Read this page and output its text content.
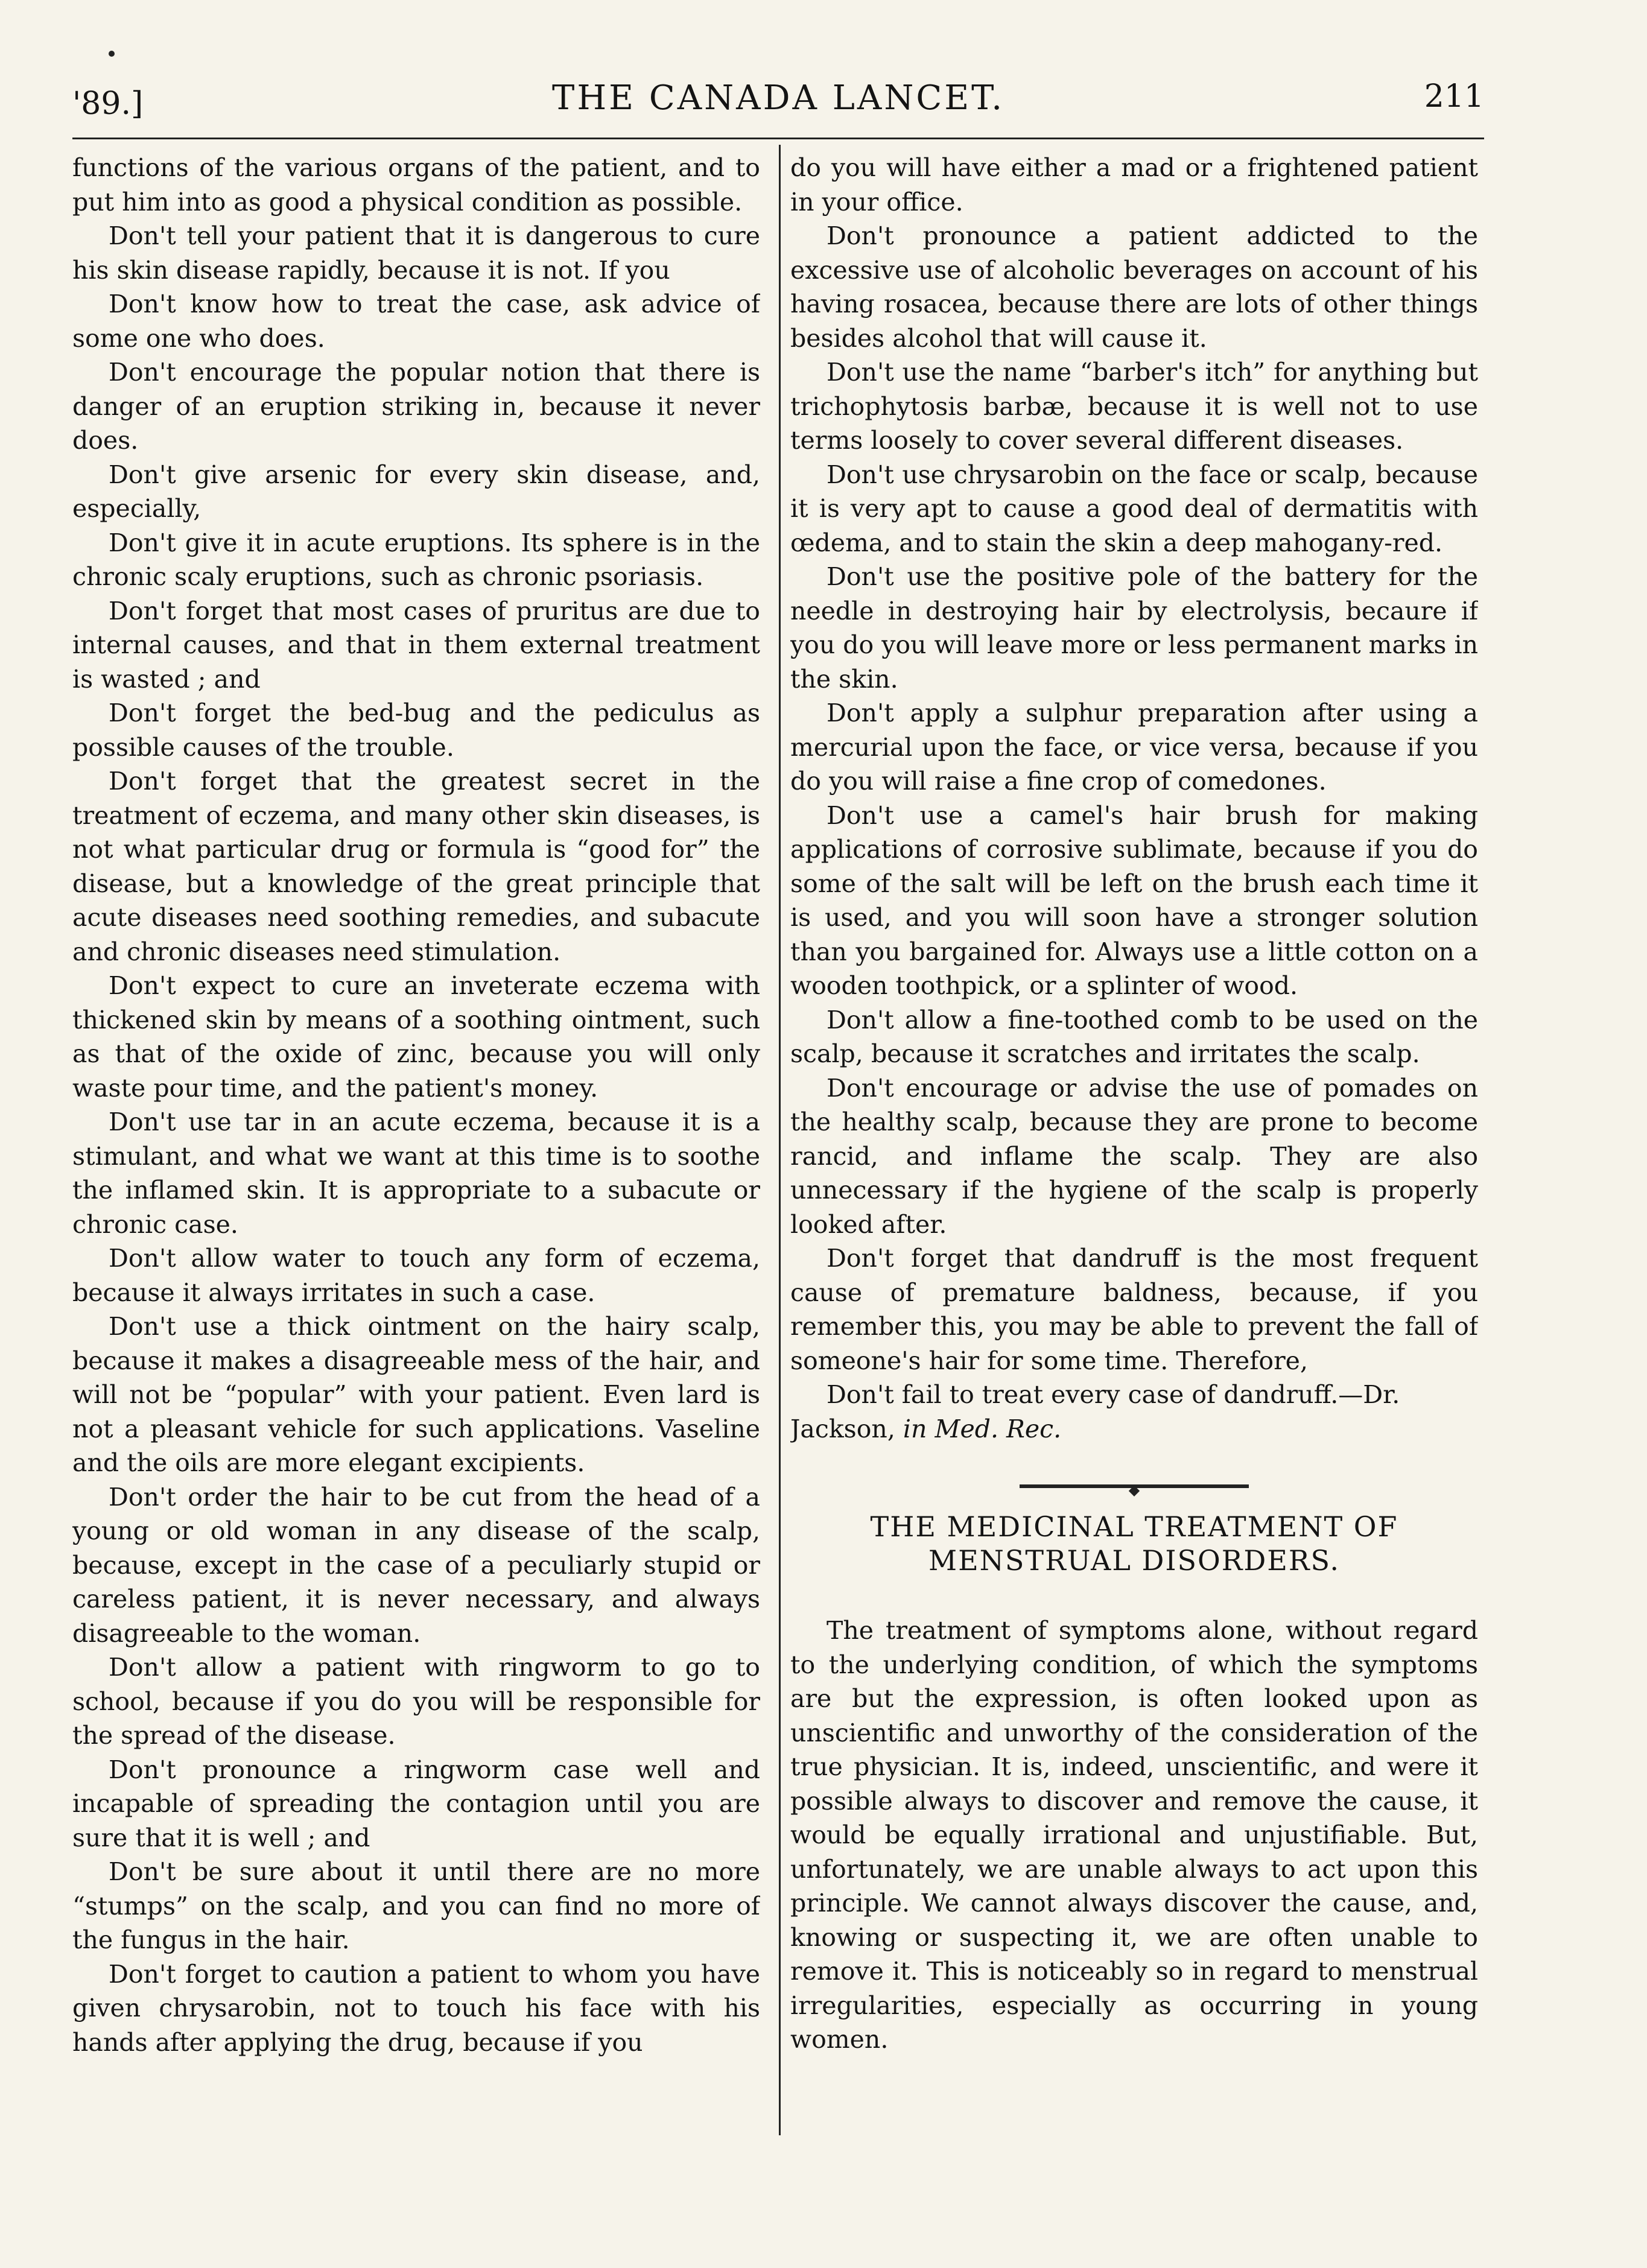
'89.]	THE CANADA LANCET.	211

functions of the various organs of the patient, and to put him into as good a physical condition as possible.

Don't tell your patient that it is dangerous to cure his skin disease rapidly, because it is not. If you

Don't know how to treat the case, ask advice of some one who does.

Don't encourage the popular notion that there is danger of an eruption striking in, because it never does.

Don't give arsenic for every skin disease, and, especially,

Don't give it in acute eruptions. Its sphere is in the chronic scaly eruptions, such as chronic psoriasis.

Don't forget that most cases of pruritus are due to internal causes, and that in them external treatment is wasted ; and

Don't forget the bed-bug and the pediculus as possible causes of the trouble.

Don't forget that the greatest secret in the treatment of eczema, and many other skin diseases, is not what particular drug or formula is “good for” the disease, but a knowledge of the great principle that acute diseases need soothing remedies, and subacute and chronic diseases need stimulation.

Don't expect to cure an inveterate eczema with thickened skin by means of a soothing ointment, such as that of the oxide of zinc, because you will only waste pour time, and the patient's money.

Don't use tar in an acute eczema, because it is a stimulant, and what we want at this time is to soothe the inflamed skin. It is appropriate to a subacute or chronic case.

Don't allow water to touch any form of eczema, because it always irritates in such a case.

Don't use a thick ointment on the hairy scalp, because it makes a disagreeable mess of the hair, and will not be “popular” with your patient. Even lard is not a pleasant vehicle for such applications. Vaseline and the oils are more elegant excipients.

Don't order the hair to be cut from the head of a young or old woman in any disease of the scalp, because, except in the case of a peculiarly stupid or careless patient, it is never necessary, and always disagreeable to the woman.

Don't allow a patient with ringworm to go to school, because if you do you will be responsible for the spread of the disease.

Don't pronounce a ringworm case well and incapable of spreading the contagion until you are sure that it is well ; and

Don't be sure about it until there are no more “stumps” on the scalp, and you can find no more of the fungus in the hair.

Don't forget to caution a patient to whom you have given chrysarobin, not to touch his face with his hands after applying the drug, because if you

do you will have either a mad or a frightened patient in your office.

Don't pronounce a patient addicted to the excessive use of alcoholic beverages on account of his having rosacea, because there are lots of other things besides alcohol that will cause it.

Don't use the name “barber's itch” for anything but trichophytosis barbæ, because it is well not to use terms loosely to cover several different diseases.

Don't use chrysarobin on the face or scalp, because it is very apt to cause a good deal of dermatitis with œdema, and to stain the skin a deep mahogany-red.

Don't use the positive pole of the battery for the needle in destroying hair by electrolysis, becaure if you do you will leave more or less permanent marks in the skin.

Don't apply a sulphur preparation after using a mercurial upon the face, or vice versa, because if you do you will raise a fine crop of comedones.

Don't use a camel's hair brush for making applications of corrosive sublimate, because if you do some of the salt will be left on the brush each time it is used, and you will soon have a stronger solution than you bargained for. Always use a little cotton on a wooden toothpick, or a splinter of wood.

Don't allow a fine-toothed comb to be used on the scalp, because it scratches and irritates the scalp.

Don't encourage or advise the use of pomades on the healthy scalp, because they are prone to become rancid, and inflame the scalp. They are also unnecessary if the hygiene of the scalp is properly looked after.

Don't forget that dandruff is the most frequent cause of premature baldness, because, if you remember this, you may be able to prevent the fall of someone's hair for some time. Therefore,

Don't fail to treat every case of dandruff.—Dr.

Jackson, in Med. Rec.

◆
THE MEDICINAL TREATMENT OF MENSTRUAL DISORDERS.

The treatment of symptoms alone, without regard to the underlying condition, of which the symptoms are but the expression, is often looked upon as unscientific and unworthy of the consideration of the true physician. It is, indeed, unscientific, and were it possible always to discover and remove the cause, it would be equally irrational and unjustifiable. But, unfortunately, we are unable always to act upon this principle. We cannot always discover the cause, and, knowing or suspecting it, we are often unable to remove it. This is noticeably so in regard to menstrual irregularities, especially as occurring in young women.
